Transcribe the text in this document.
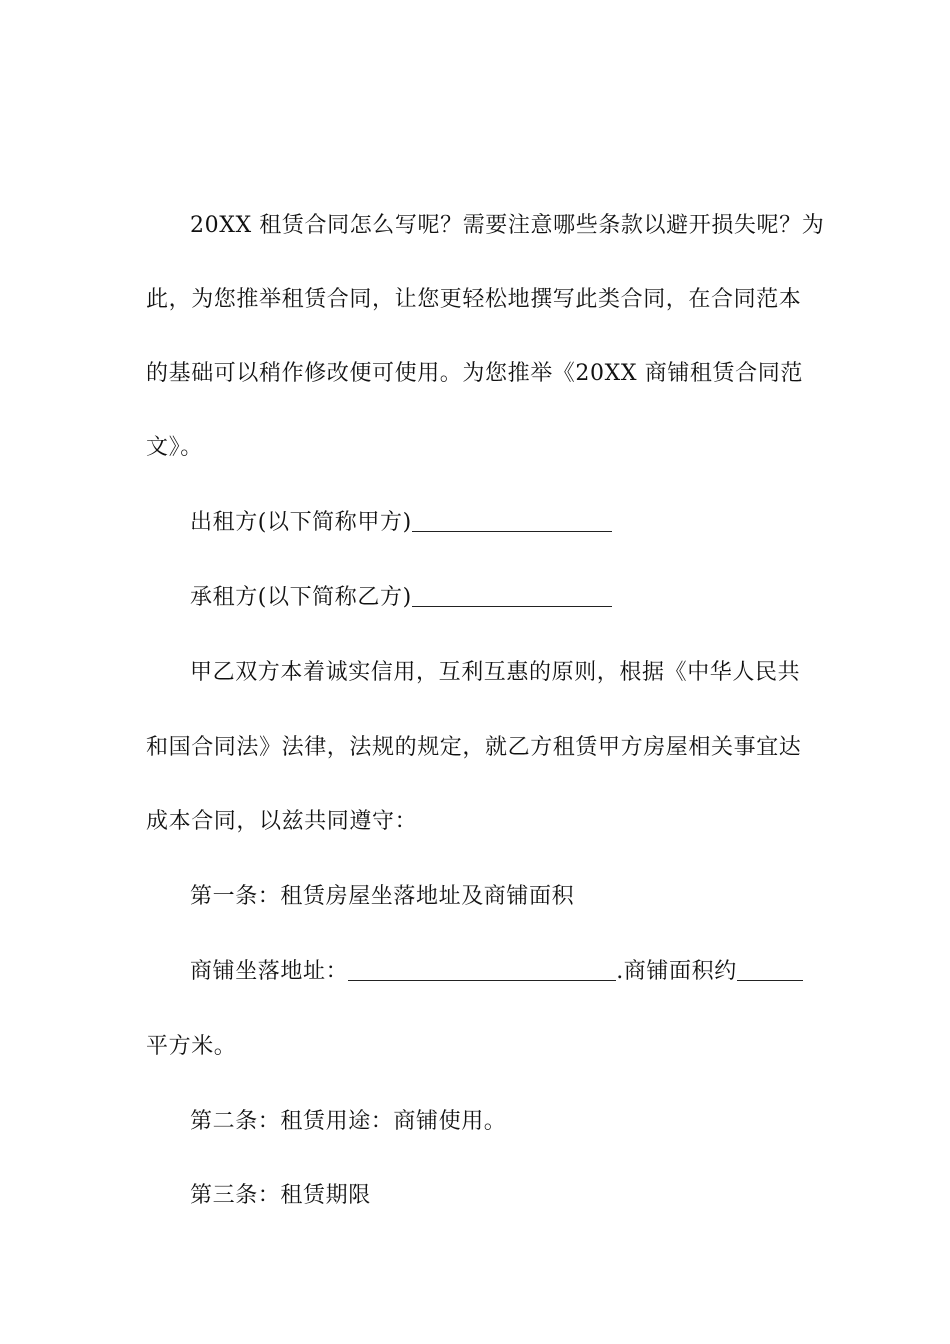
20XX 租赁合同怎么写呢？需要注意哪些条款以避开损失呢？为
此，为您推举租赁合同，让您更轻松地撰写此类合同，在合同范本
的基础可以稍作修改便可使用。为您推举《20XX 商铺租赁合同范
文》。
出租方(以下简称甲方)
承租方(以下简称乙方)
甲乙双方本着诚实信用，互利互惠的原则，根据《中华人民共
和国合同法》法律，法规的规定，就乙方租赁甲方房屋相关事宜达
成本合同，以兹共同遵守：
第一条：租赁房屋坐落地址及商铺面积
商铺坐落地址：	.商铺面积约
平方米。
第二条：租赁用途：商铺使用。
第三条：租赁期限
